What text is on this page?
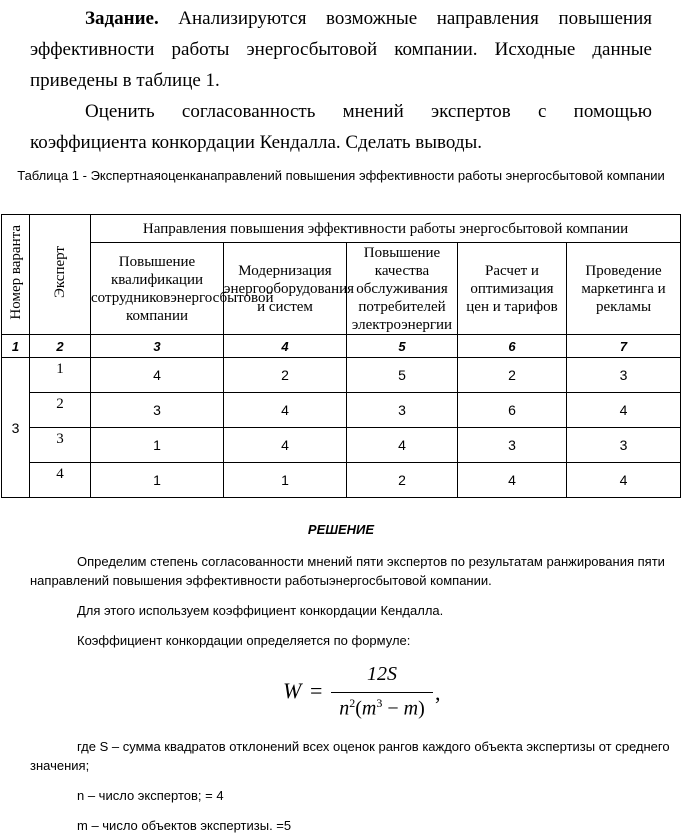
Задание. Анализируются возможные направления повышения эффективности работы энергосбытовой компании. Исходные данные приведены в таблице 1.
Оценить согласованность мнений экспертов с помощью коэффициента конкордации Кендалла. Сделать выводы.
Таблица 1 - Экспертнаяоценканаправлений повышения эффективности работы энергосбытовой компании
Номер варанта	Эксперт	Направления повышения эффективности работы энергосбытовой компании				
		Повышение квалификации сотрудниковэнергосбытовой компании	Модернизация энергооборудования и систем	Повышение качества обслуживания потребителей электроэнергии	Расчет и оптимизация цен и тарифов	Проведение маркетинга и рекламы
1	2	3	4	5	6	7
3	1	4	2	5	2	3
	2	3	4	3	6	4
	3	1	4	4	3	3
	4	1	1	2	4	4
РЕШЕНИЕ
Определим степень согласованности мнений пяти экспертов по результатам ранжирования пяти направлений повышения эффективности работыэнергосбытовой компании.
Для этого используем коэффициент конкордации Кендалла.
Коэффициент конкордации определяется по формуле:
W =
12S
$n^2(m^3 - m)$
,
где S – сумма квадратов отклонений всех оценок рангов каждого объекта экспертизы от среднего значения;
n – число экспертов; = 4
m – число объектов экспертизы. =5
